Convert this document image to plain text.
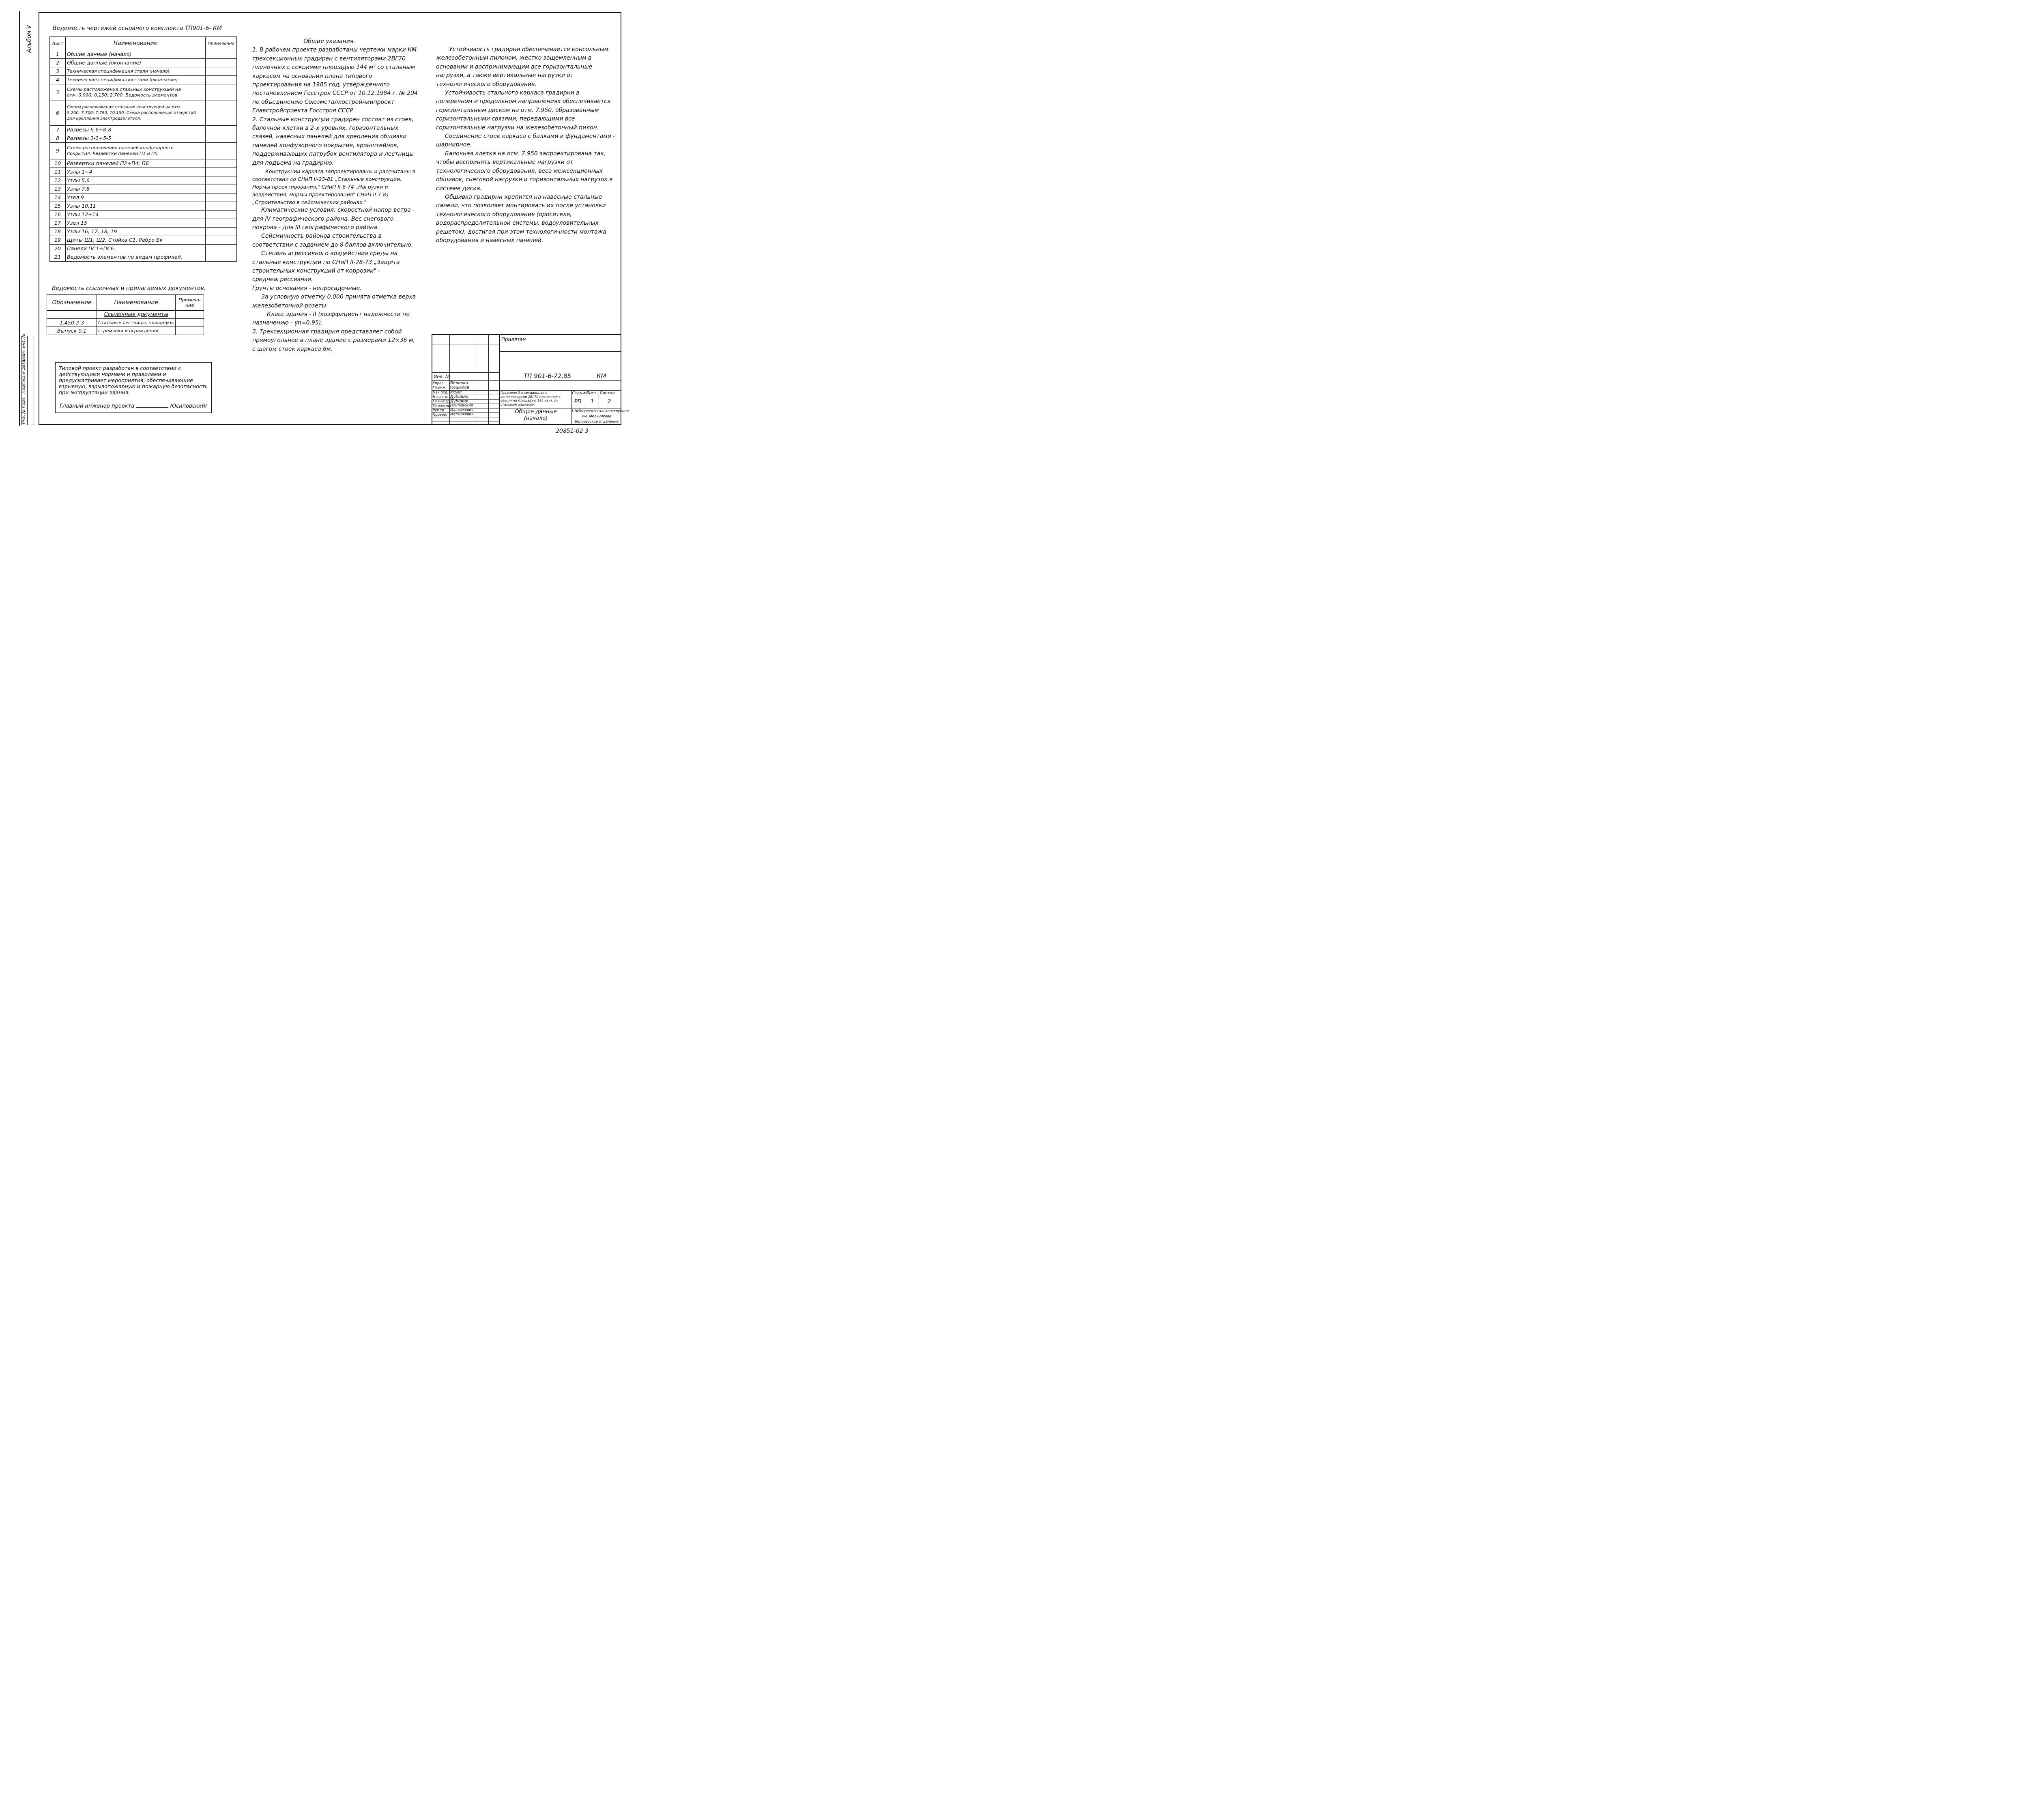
Альбом V
Инв. № подл.
Подпись и дата
Взам. инв. №
Ведомость чертежей основного комплекта ТП901-6- КМ
Лист	Наименование	Примечание
1	Общие данные (начало)	
2	Общие данные (окончание)	
3	Техническая спецификация стали (начало).	
4	Техническая спецификация стали (окончание)	
5	Схемы расположения стальных конструкций на
отм. 0.000; 0.150; 2.700. Ведомость элементов	

6	Схемы расположения стальных конструкций на отм.
5.200; 7.700; 7.790; 10.150. Схема расположения отверстий
для крепления электродвигателя.	

7	Разрезы 6-6÷8-8	
8	Разрезы 1-1÷5-5	
9	Схема расположения панелей конфузорного
покрытия. Развертки панелей П1 и П5	

10	Развертки панелей П2÷П4; П6	
11	Узлы 1÷4	
12	Узлы 5,6	
13	Узлы 7,8	
14	Узел 9	
15	Узлы 10,11	
16	Узлы 12÷14	
17	Узел 15	
18	Узлы 16, 17, 18, 19	
19	Щиты Щ1, Щ2. Стойка С1. Ребро Бк	
20	Панели ПС1÷ПС6.	
21	Ведомость элементов по видам профилей.	
Ведомость ссылочных и прилагаемых документов.
Обозначение	Наименование	Примеча-ние
	Ссылочные документы	
1.450.3-3	Стальные лестницы, площадки,	
Выпуск 0.1	стремянки и ограждения	
Типовой проект разработан в соответствии с действующими нормами и правилами и предусматривает мероприятия, обеспечивающие взрывную, взрывопожарную и пожарную безопасность при эксплуатации здания.
Главный инженер проекта	/Осиповский/

Общие указания.

1. В рабочем проекте разработаны чертежи марки КМ трехсекционных градирен с вентиляторами 2ВГ70 пленочных с секциями площадью 144 м² со стальным каркасом на основании плана типового проектирования на 1985 год, утвержденного постановлением Госстроя СССР от 10.12.1984 г. № 204 по объединению Союзметаллостройниипроект Главстройпроекта Госстроя СССР.

2. Стальные конструкции градирен состоят из стоек, балочной клетки в 2-х уровнях, горизонтальных связей, навесных панелей для крепления обшивки панелей конфузорного покрытия, кронштейнов, поддерживающих патрубок вентилятора и лестницы для подъема на градирню.

Конструкции каркаса запроектированы и рассчитаны в соответствии со СНиП II-23-81 „Стальные конструкции. Нормы проектирования." СНиП II-6-74 „Нагрузки и воздействия. Нормы проектирования" СНиП II-7-81 „Строительство в сейсмических районах."

Климатические условия: скоростной напор ветра - для IV географического района. Вес снегового покрова - для III географического района.

Сейсмичность районов строительства в соответствии с заданием до 8 баллов включительно.

Степень агрессивного воздействия среды на стальные конструкции по СНиП II-28-73 „Защита строительных конструкций от коррозии" - среднеагрессивная.

Грунты основания - непросадочные.

За условную отметку 0.000 принята отметка верха железобетонной розеты.

Класс здания - II (коэффициент надежности по назначению - γn=0.95).

3. Трехсекционная градирня представляет собой прямоугольное в плане здание с размерами 12×36 м, с шагом стоек каркаса 6м.

Устойчивость градирни обеспечивается консольным железобетонным пилоном, жестко защемленным в основании и воспринимающим все горизонтальные нагрузки, а также вертикальные нагрузки от технологического оборудования.

Устойчивость стального каркаса градирни в поперечном и продольном направлениях обеспечивается горизонтальным диском на отм. 7.950, образованным горизонтальными связями, передающими все горизонтальные нагрузки на железобетонный пилон.

Соединение стоек каркаса с балками и фундаментами - шарнирное.

Балочная клетка на отм. 7.950 запроектирована так, чтобы воспринять вертикальные нагрузки от технологического оборудования, веса межсекционных обшивок, снеговой нагрузки и горизонтальных нагрузок в системе диска.

Обшивка градирни крепится на навесные стальные панели, что позволяет монтировать их после установки технологического оборудования (оросителя, водораспределительной системы, водоуловительных решеток), достигая при этом технологичности монтажа оборудования и навесных панелей.

Привязан
Инв. №	ТП 901-6-72.85	КМ
Управ. Величко
Гл.инж. Кошелев
Нач.отд. Меме
Н.контр. Дубовик
Гл.констр. Дубовик
Гл.инж.пр.
Осиповский
Рук.гр. Малашкевич
Провер. Малашкевич
Градирня 3-х секционная с вентиляторами 2ВГ70 пленочная с секциями площадью 144 кв.м. со стальным каркасом.
Общие данные (начало)
Стадия
Лист Листов
РП 1	2
ЦНИИпроектстальконструкция им. Мельникова Белорусское отделение
20851-02 3
